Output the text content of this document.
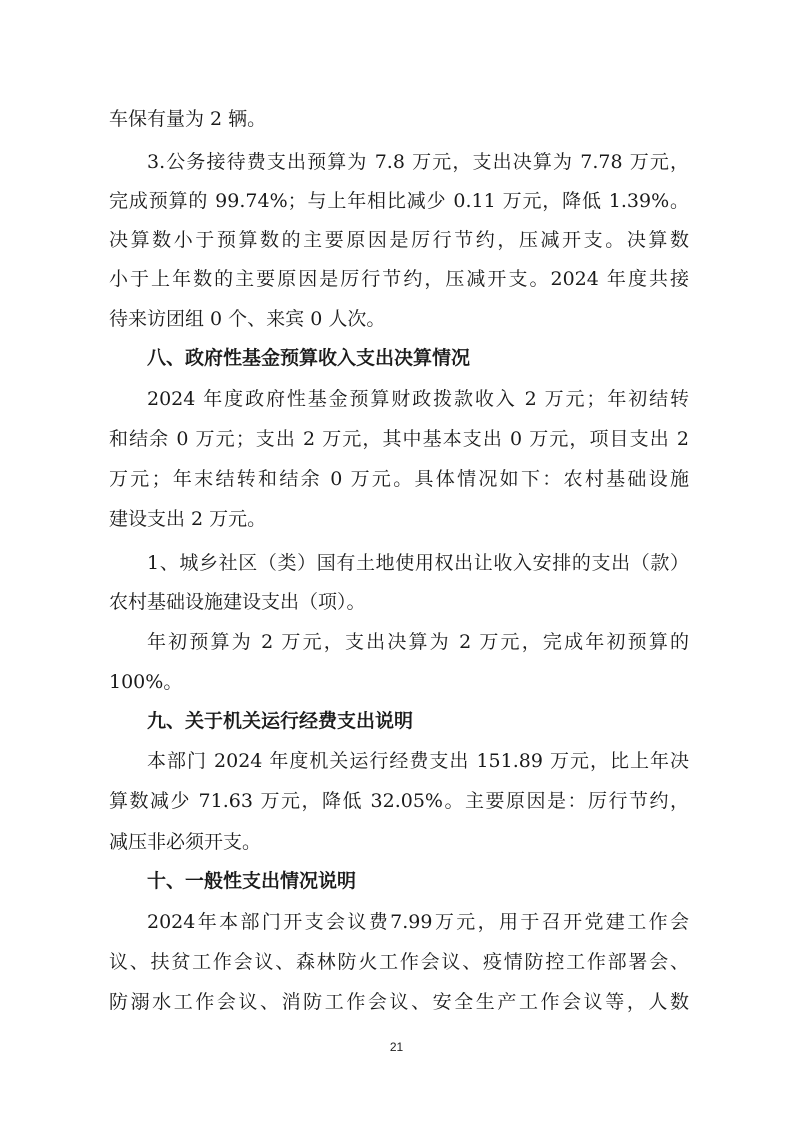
车保有量为 2 辆。
3.公务接待费支出预算为 7.8 万元，支出决算为 7.78 万元，
完成预算的 99.74%；与上年相比减少 0.11 万元，降低 1.39%。
决算数小于预算数的主要原因是厉行节约，压减开支。决算数
小于上年数的主要原因是厉行节约，压减开支。2024 年度共接
待来访团组 0 个、来宾 0 人次。
八、政府性基金预算收入支出决算情况
2024 年度政府性基金预算财政拨款收入 2 万元；年初结转
和结余 0 万元；支出 2 万元，其中基本支出 0 万元，项目支出 2
万元；年末结转和结余 0 万元。具体情况如下：农村基础设施
建设支出 2 万元。
1、城乡社区（类）国有土地使用权出让收入安排的支出（款）
农村基础设施建设支出（项）。
年初预算为 2 万元，支出决算为 2 万元，完成年初预算的
100%。
九、关于机关运行经费支出说明
本部门 2024 年度机关运行经费支出 151.89 万元，比上年决
算数减少 71.63 万元，降低 32.05%。主要原因是：厉行节约，
减压非必须开支。
十、一般性支出情况说明
2024年本部门开支会议费7.99万元，用于召开党建工作会
议、扶贫工作会议、森林防火工作会议、疫情防控工作部署会、
防溺水工作会议、消防工作会议、安全生产工作会议等，人数
21
